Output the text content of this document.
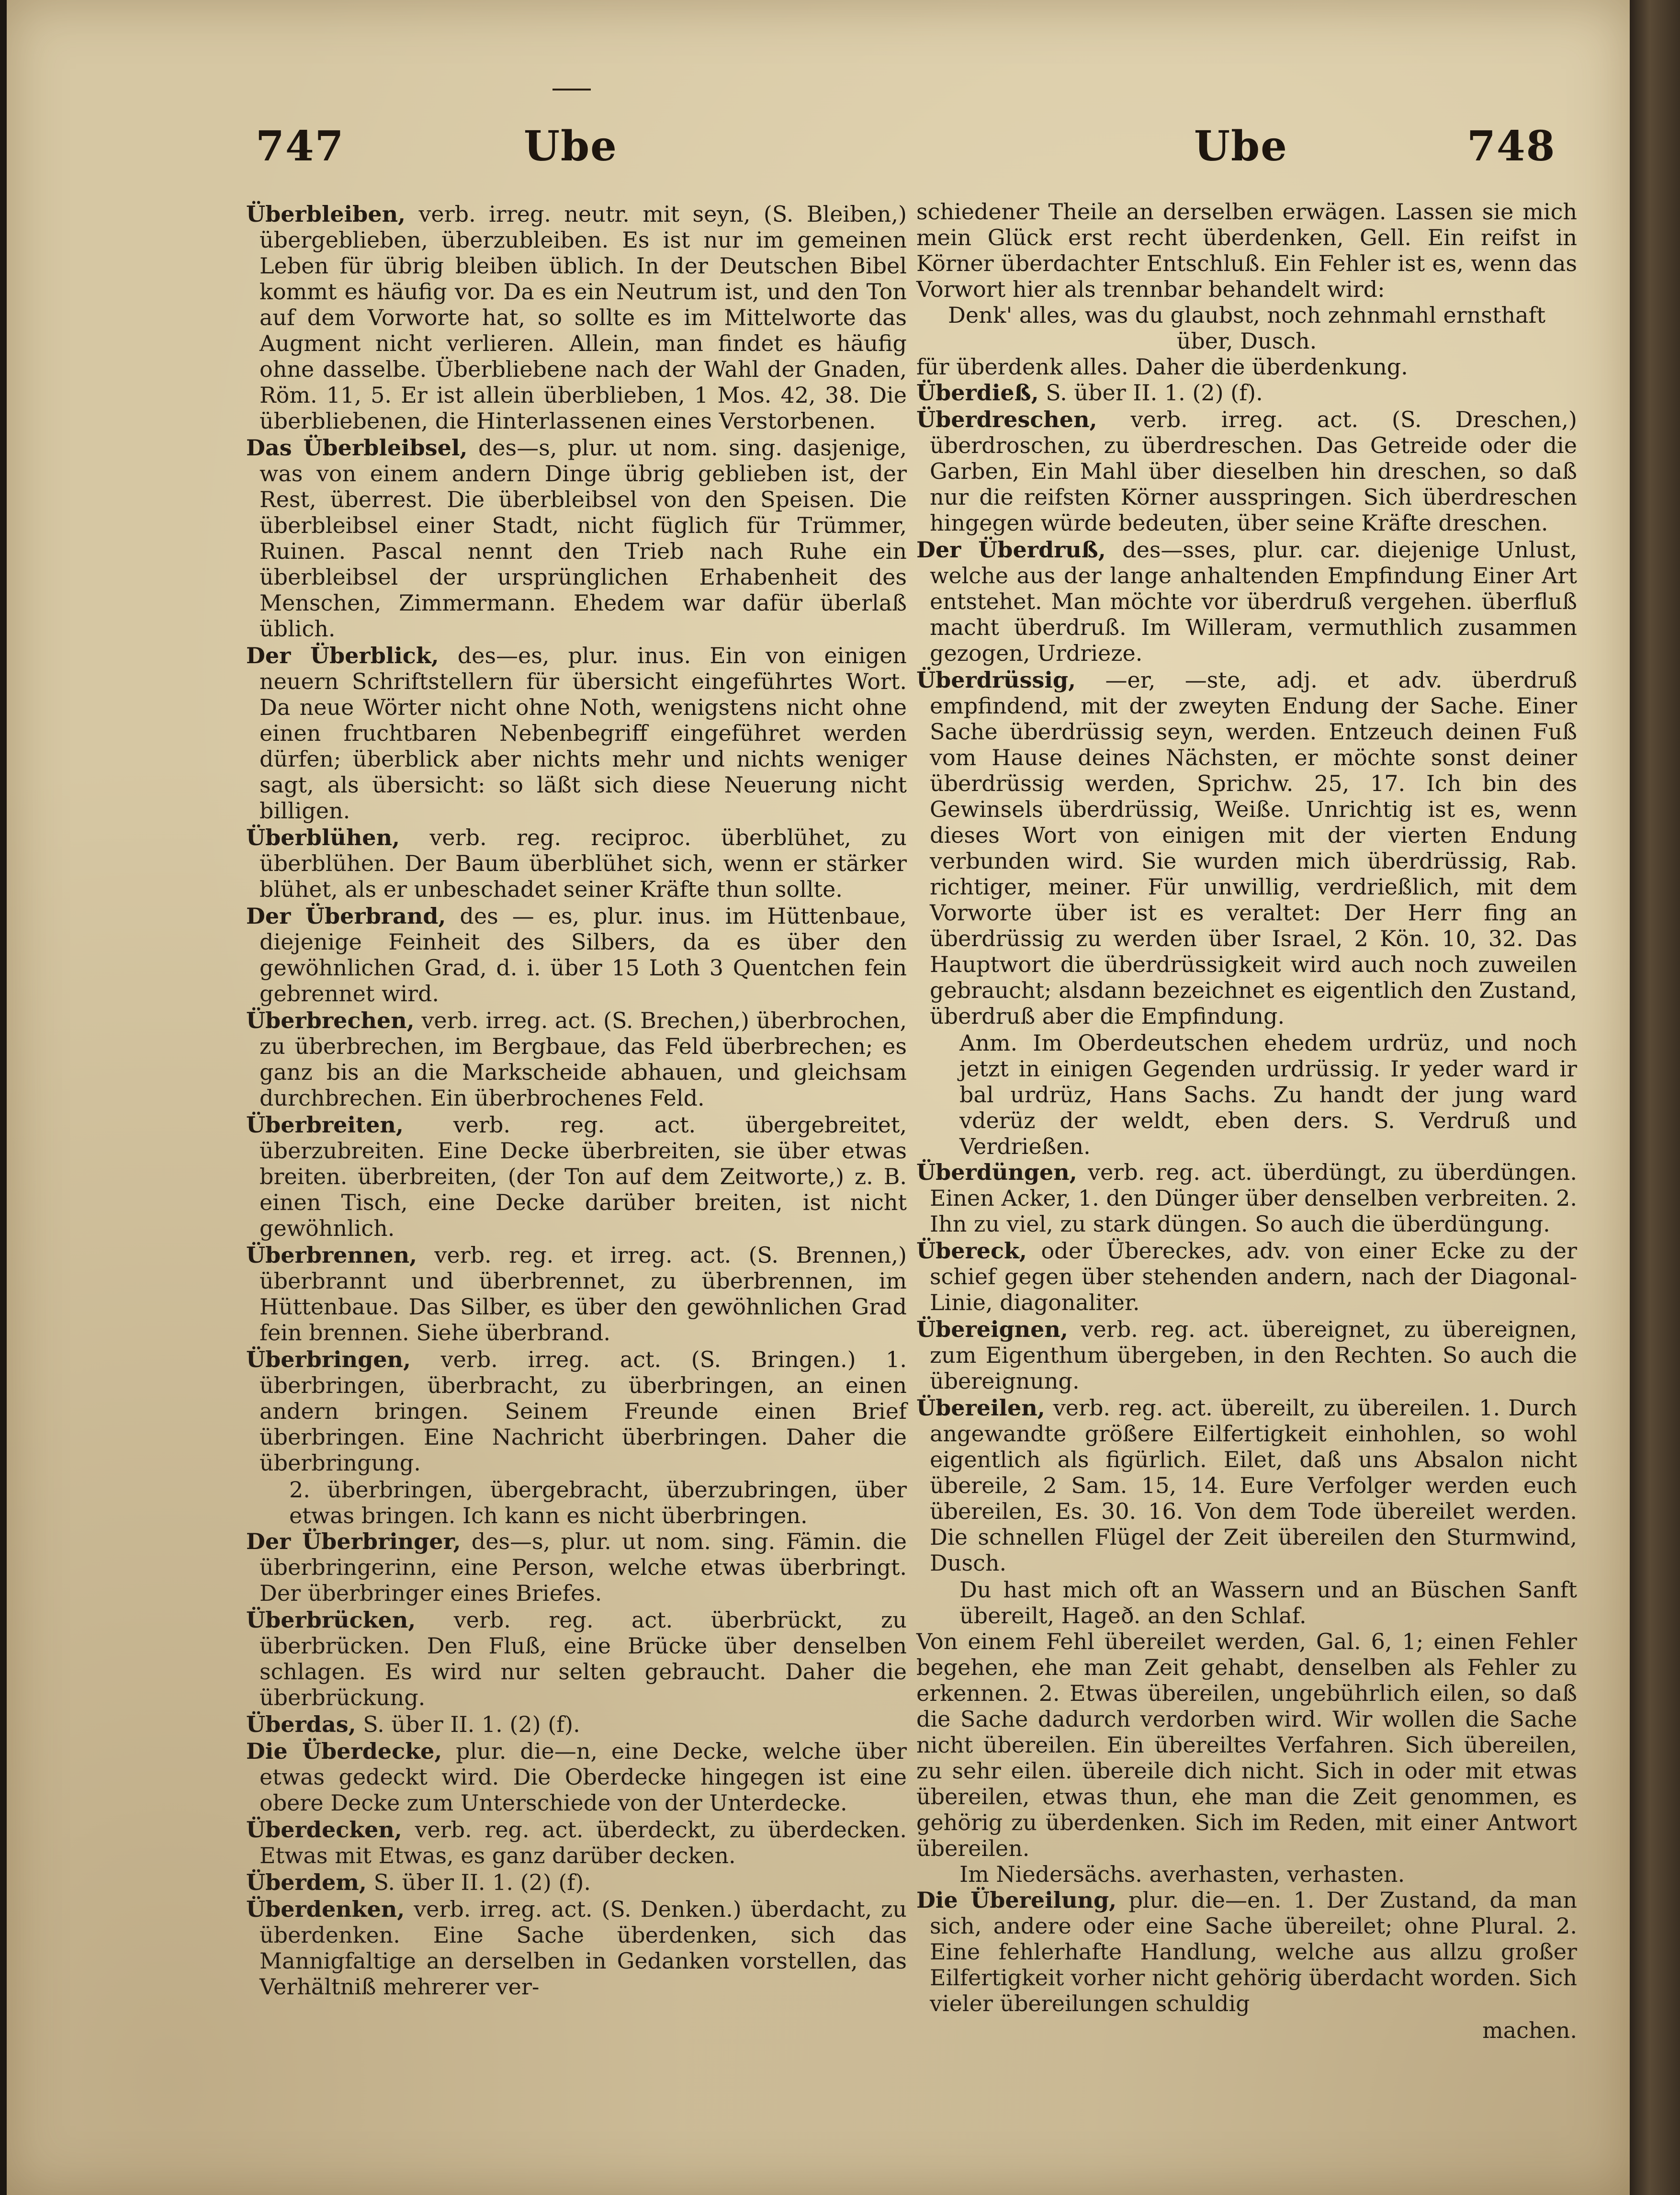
747	Ube	Ube	748

Überbleiben, verb. irreg. neutr. mit seyn, (S. Bleiben,) übergeblieben, überzubleiben. Es ist nur im gemeinen Leben für übrig bleiben üblich. In der Deutschen Bibel kommt es häufig vor. Da es ein Neutrum ist, und den Ton auf dem Vorworte hat, so sollte es im Mittelworte das Augment nicht verlieren. Allein, man findet es häufig ohne dasselbe. Überbliebene nach der Wahl der Gnaden, Röm. 11, 5. Er ist allein überblieben, 1 Mos. 42, 38. Die überbliebenen, die Hinterlassenen eines Verstorbenen.

Das Überbleibsel, des—s, plur. ut nom. sing. dasjenige, was von einem andern Dinge übrig geblieben ist, der Rest, überrest. Die überbleibsel von den Speisen. Die überbleibsel einer Stadt, nicht füglich für Trümmer, Ruinen. Pascal nennt den Trieb nach Ruhe ein überbleibsel der ursprünglichen Erhabenheit des Menschen, Zimmermann. Ehedem war dafür überlaß üblich.

Der Überblick, des—es, plur. inus. Ein von einigen neuern Schriftstellern für übersicht eingeführtes Wort. Da neue Wörter nicht ohne Noth, wenigstens nicht ohne einen fruchtbaren Nebenbegriff eingeführet werden dürfen; überblick aber nichts mehr und nichts weniger sagt, als übersicht: so läßt sich diese Neuerung nicht billigen.

Überblühen, verb. reg. reciproc. überblühet, zu überblühen. Der Baum überblühet sich, wenn er stärker blühet, als er unbeschadet seiner Kräfte thun sollte.

Der Überbrand, des — es, plur. inus. im Hüttenbaue, diejenige Feinheit des Silbers, da es über den gewöhnlichen Grad, d. i. über 15 Loth 3 Quentchen fein gebrennet wird.

Überbrechen, verb. irreg. act. (S. Brechen,) überbrochen, zu überbrechen, im Bergbaue, das Feld überbrechen; es ganz bis an die Markscheide abhauen, und gleichsam durchbrechen. Ein überbrochenes Feld.

Überbreiten, verb. reg. act. übergebreitet, überzubreiten. Eine Decke überbreiten, sie über etwas breiten. überbreiten, (der Ton auf dem Zeitworte,) z. B. einen Tisch, eine Decke darüber breiten, ist nicht gewöhnlich.

Überbrennen, verb. reg. et irreg. act. (S. Brennen,) überbrannt und überbrennet, zu überbrennen, im Hüttenbaue. Das Silber, es über den gewöhnlichen Grad fein brennen. Siehe überbrand.

Überbringen, verb. irreg. act. (S. Bringen.) 1. überbringen, überbracht, zu überbringen, an einen andern bringen. Seinem Freunde einen Brief überbringen. Eine Nachricht überbringen. Daher die überbringung.

2. überbringen, übergebracht, überzubringen, über etwas bringen. Ich kann es nicht überbringen.

Der Überbringer, des—s, plur. ut nom. sing. Fämin. die überbringerinn, eine Person, welche etwas überbringt. Der überbringer eines Briefes.

Überbrücken, verb. reg. act. überbrückt, zu überbrücken. Den Fluß, eine Brücke über denselben schlagen. Es wird nur selten gebraucht. Daher die überbrückung.

Überdas, S. über II. 1. (2) (f).

Die Überdecke, plur. die—n, eine Decke, welche über etwas gedeckt wird. Die Oberdecke hingegen ist eine obere Decke zum Unterschiede von der Unterdecke.

Überdecken, verb. reg. act. überdeckt, zu überdecken. Etwas mit Etwas, es ganz darüber decken.

Überdem, S. über II. 1. (2) (f).

Überdenken, verb. irreg. act. (S. Denken.) überdacht, zu überdenken. Eine Sache überdenken, sich das Mannigfaltige an derselben in Gedanken vorstellen, das Verhältniß mehrerer ver-

schiedener Theile an derselben erwägen. Lassen sie mich mein Glück erst recht überdenken, Gell. Ein reifst in Körner überdachter Entschluß. Ein Fehler ist es, wenn das Vorwort hier als trennbar behandelt wird:

Denk' alles, was du glaubst, noch zehnmahl ernsthaft über, Dusch.

für überdenk alles. Daher die überdenkung.

Überdieß, S. über II. 1. (2) (f).

Überdreschen, verb. irreg. act. (S. Dreschen,) überdroschen, zu überdreschen. Das Getreide oder die Garben, Ein Mahl über dieselben hin dreschen, so daß nur die reifsten Körner ausspringen. Sich überdreschen hingegen würde bedeuten, über seine Kräfte dreschen.

Der Überdruß, des—sses, plur. car. diejenige Unlust, welche aus der lange anhaltenden Empfindung Einer Art entstehet. Man möchte vor überdruß vergehen. überfluß macht überdruß. Im Willeram, vermuthlich zusammen gezogen, Urdrieze.

Überdrüssig, —er, —ste, adj. et adv. überdruß empfindend, mit der zweyten Endung der Sache. Einer Sache überdrüssig seyn, werden. Entzeuch deinen Fuß vom Hause deines Nächsten, er möchte sonst deiner überdrüssig werden, Sprichw. 25, 17. Ich bin des Gewinsels überdrüssig, Weiße. Unrichtig ist es, wenn dieses Wort von einigen mit der vierten Endung verbunden wird. Sie wurden mich überdrüssig, Rab. richtiger, meiner. Für unwillig, verdrießlich, mit dem Vorworte über ist es veraltet: Der Herr fing an überdrüssig zu werden über Israel, 2 Kön. 10, 32. Das Hauptwort die überdrüssigkeit wird auch noch zuweilen gebraucht; alsdann bezeichnet es eigentlich den Zustand, überdruß aber die Empfindung.

Anm. Im Oberdeutschen ehedem urdrüz, und noch jetzt in einigen Gegenden urdrüssig. Ir yeder ward ir bal urdrüz, Hans Sachs. Zu handt der jung ward vderüz der weldt, eben ders. S. Verdruß und Verdrießen.

Überdüngen, verb. reg. act. überdüngt, zu überdüngen. Einen Acker, 1. den Dünger über denselben verbreiten. 2. Ihn zu viel, zu stark düngen. So auch die überdüngung.

Übereck, oder Übereckes, adv. von einer Ecke zu der schief gegen über stehenden andern, nach der Diagonal-Linie, diagonaliter.

Übereignen, verb. reg. act. übereignet, zu übereignen, zum Eigenthum übergeben, in den Rechten. So auch die übereignung.

Übereilen, verb. reg. act. übereilt, zu übereilen. 1. Durch angewandte größere Eilfertigkeit einhohlen, so wohl eigentlich als figürlich. Eilet, daß uns Absalon nicht übereile, 2 Sam. 15, 14. Eure Verfolger werden euch übereilen, Es. 30. 16. Von dem Tode übereilet werden. Die schnellen Flügel der Zeit übereilen den Sturmwind, Dusch.

Du hast mich oft an Wassern und an Büschen Sanft übereilt, Hageð. an den Schlaf.

Von einem Fehl übereilet werden, Gal. 6, 1; einen Fehler begehen, ehe man Zeit gehabt, denselben als Fehler zu erkennen. 2. Etwas übereilen, ungebührlich eilen, so daß die Sache dadurch verdorben wird. Wir wollen die Sache nicht übereilen. Ein übereiltes Verfahren. Sich übereilen, zu sehr eilen. übereile dich nicht. Sich in oder mit etwas übereilen, etwas thun, ehe man die Zeit genommen, es gehörig zu überdenken. Sich im Reden, mit einer Antwort übereilen.

Im Niedersächs. averhasten, verhasten.

Die Übereilung, plur. die—en. 1. Der Zustand, da man sich, andere oder eine Sache übereilet; ohne Plural. 2. Eine fehlerhafte Handlung, welche aus allzu großer Eilfertigkeit vorher nicht gehörig überdacht worden. Sich vieler übereilungen schuldig

machen.
